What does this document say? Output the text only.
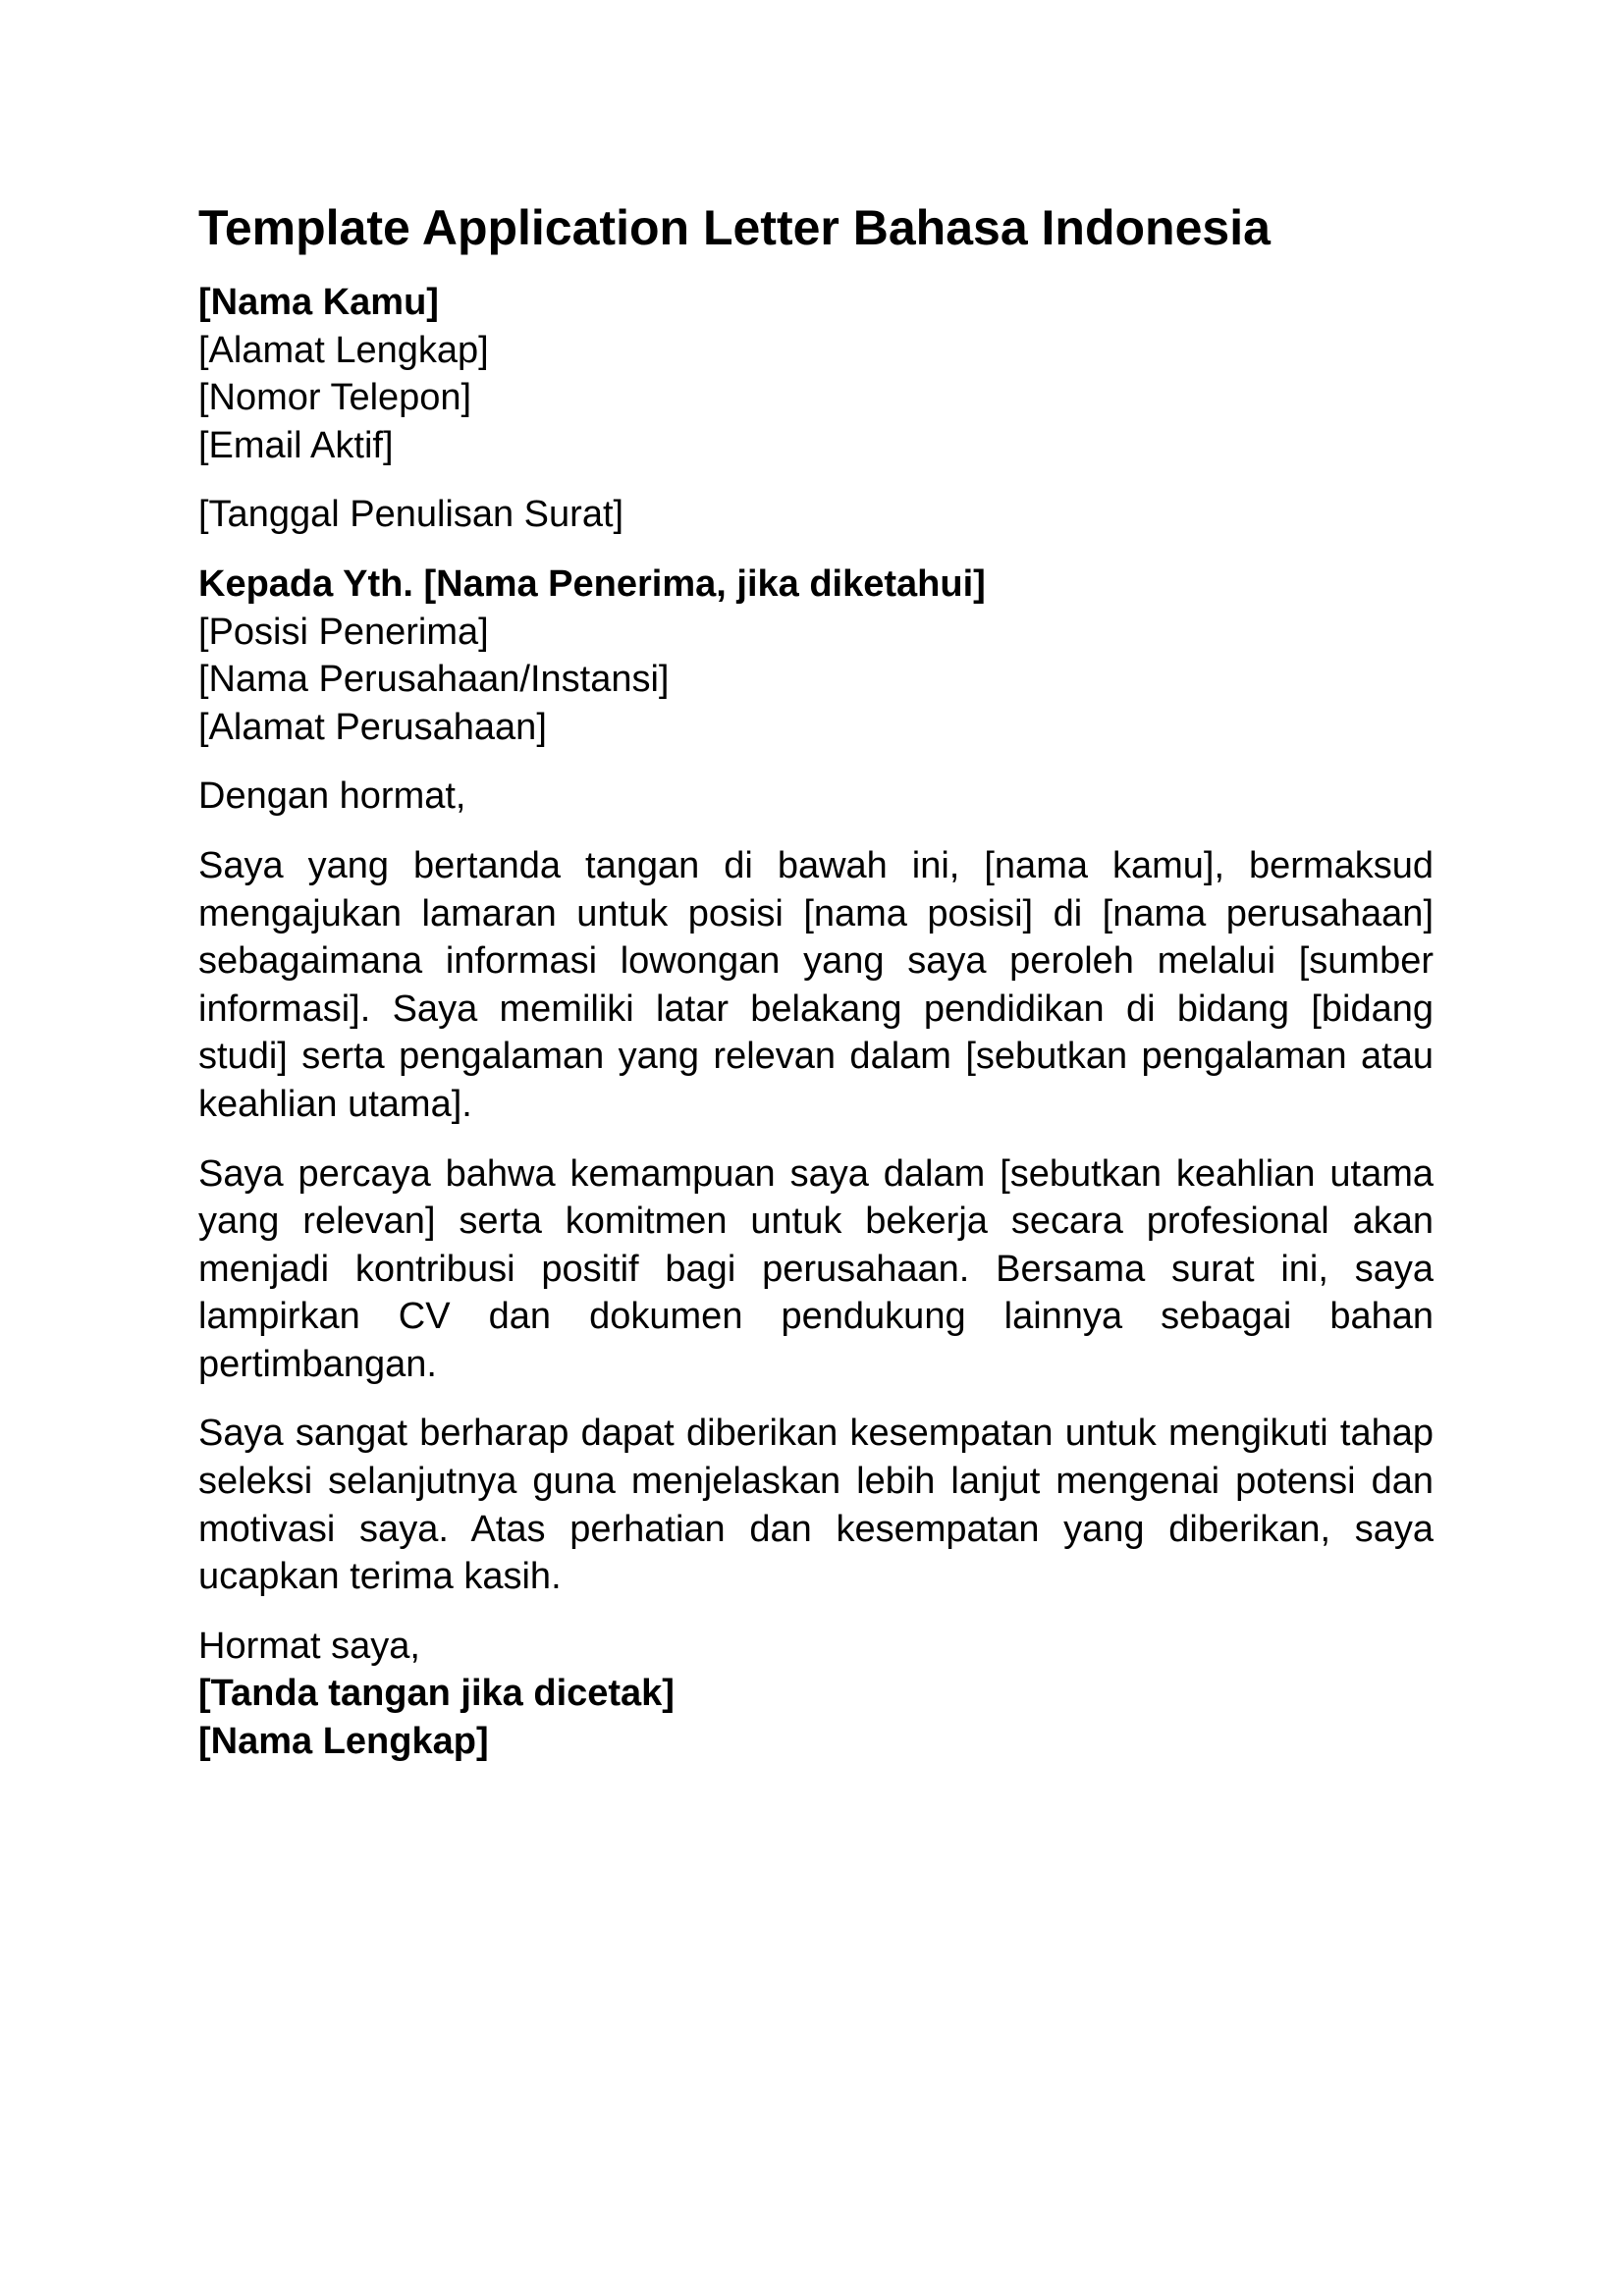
Template Application Letter Bahasa Indonesia
[Nama Kamu]
[Alamat Lengkap]
[Nomor Telepon]
[Email Aktif]
[Tanggal Penulisan Surat]
Kepada Yth. [Nama Penerima, jika diketahui]
[Posisi Penerima]
[Nama Perusahaan/Instansi]
[Alamat Perusahaan]
Dengan hormat,

Saya yang bertanda tangan di bawah ini, [nama kamu], bermaksud mengajukan lamaran untuk posisi [nama posisi] di [nama perusahaan] sebagaimana informasi lowongan yang saya peroleh melalui [sumber informasi]. Saya memiliki latar belakang pendidikan di bidang [bidang studi] serta pengalaman yang relevan dalam [sebutkan pengalaman atau keahlian utama].

Saya percaya bahwa kemampuan saya dalam [sebutkan keahlian utama yang relevan] serta komitmen untuk bekerja secara profesional akan menjadi kontribusi positif bagi perusahaan. Bersama surat ini, saya lampirkan CV dan dokumen pendukung lainnya sebagai bahan pertimbangan.

Saya sangat berharap dapat diberikan kesempatan untuk mengikuti tahap seleksi selanjutnya guna menjelaskan lebih lanjut mengenai potensi dan motivasi saya. Atas perhatian dan kesempatan yang diberikan, saya ucapkan terima kasih.

Hormat saya,
[Tanda tangan jika dicetak]
[Nama Lengkap]
